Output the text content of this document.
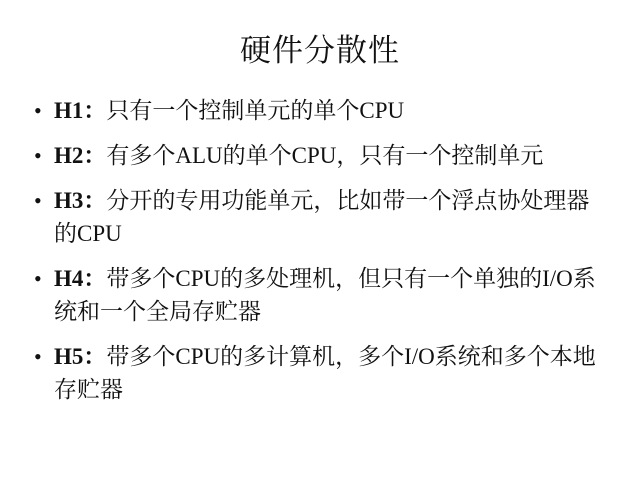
硬件分散性
• H1：只有一个控制单元的单个CPU
• H2：有多个ALU的单个CPU，只有一个控制单元
• H3：分开的专用功能单元，比如带一个浮点协处理器的CPU
• H4：带多个CPU的多处理机，但只有一个单独的I/O系统和一个全局存贮器
• H5：带多个CPU的多计算机，多个I/O系统和多个本地存贮器
